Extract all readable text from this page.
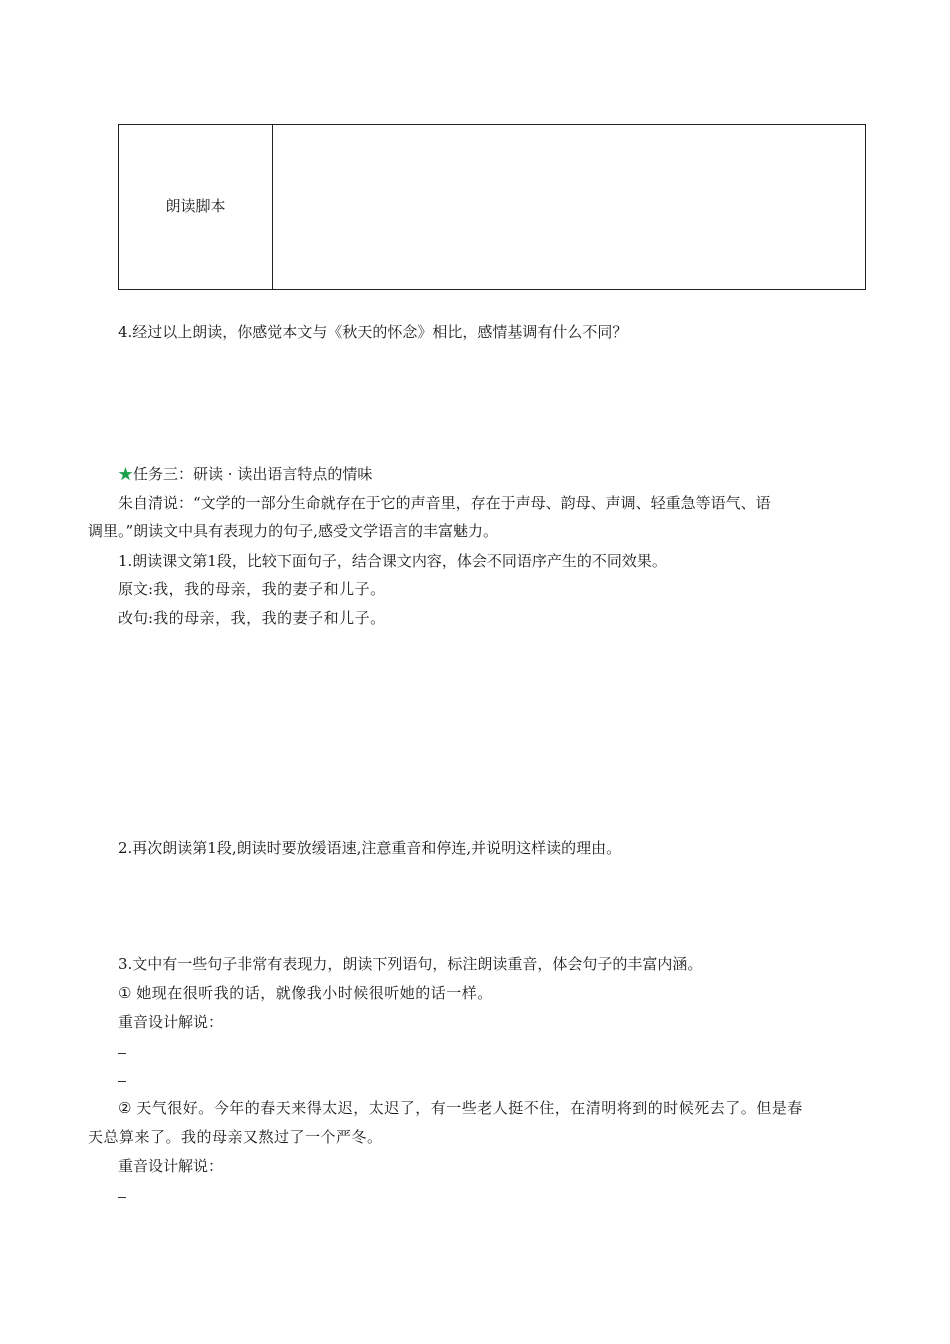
朗读脚本
4.经过以上朗读，你感觉本文与《秋天的怀念》相比，感情基调有什么不同？
★任务三：研读 · 读出语言特点的情味
朱自清说：“文学的一部分生命就存在于它的声音里，存在于声母、韵母、声调、轻重急等语气、语
调里。”朗读文中具有表现力的句子,感受文学语言的丰富魅力。
1.朗读课文第1段，比较下面句子，结合课文内容，体会不同语序产生的不同效果。
原文:我，我的母亲，我的妻子和儿子。
改句:我的母亲，我，我的妻子和儿子。
2.再次朗读第1段,朗读时要放缓语速,注意重音和停连,并说明这样读的理由。
3.文中有一些句子非常有表现力，朗读下列语句，标注朗读重音，体会句子的丰富内涵。
① 她现在很听我的话，就像我小时候很听她的话一样。
重音设计解说：
② 天气很好。今年的春天来得太迟，太迟了，有一些老人挺不住，在清明将到的时候死去了。但是春
天总算来了。我的母亲又熬过了一个严冬。
重音设计解说：
